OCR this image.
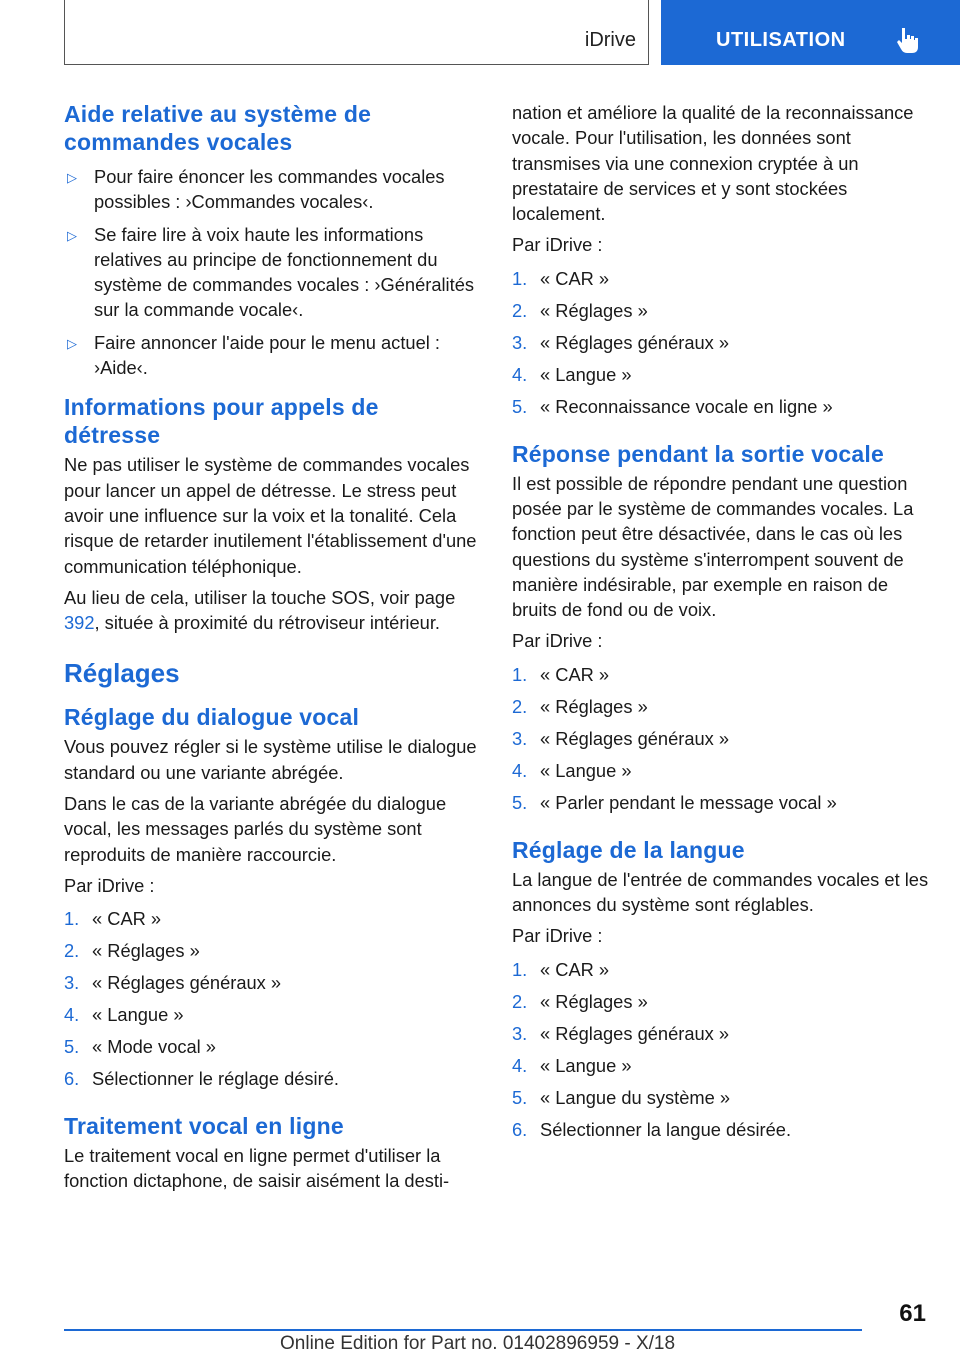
iDrive	UTILISATION
Aide relative au système de commandes vocales
▷ Pour faire énoncer les commandes vocales possibles : ›Commandes vocales‹.
▷ Se faire lire à voix haute les informations relatives au principe de fonctionnement du système de commandes vocales : ›Généralités sur la commande vocale‹.
▷ Faire annoncer l'aide pour le menu actuel : ›Aide‹.
Informations pour appels de détresse

Ne pas utiliser le système de commandes vocales pour lancer un appel de détresse. Le stress peut avoir une influence sur la voix et la tonalité. Cela risque de retarder inutilement l'établissement d'une communication téléphonique.

Au lieu de cela, utiliser la touche SOS, voir page 392, située à proximité du rétroviseur intérieur.

Réglages
Réglage du dialogue vocal

Vous pouvez régler si le système utilise le dialogue standard ou une variante abrégée.

Dans le cas de la variante abrégée du dialogue vocal, les messages parlés du système sont reproduits de manière raccourcie.

Par iDrive :

1. « CAR »
2. « Réglages »
3. « Réglages généraux »
4. « Langue »
5. « Mode vocal »
6. Sélectionner le réglage désiré.
Traitement vocal en ligne

Le traitement vocal en ligne permet d'utiliser la fonction dictaphone, de saisir aisément la desti-

nation et améliore la qualité de la reconnaissance vocale. Pour l'utilisation, les données sont transmises via une connexion cryptée à un prestataire de services et y sont stockées localement.

Par iDrive :

1. « CAR »
2. « Réglages »
3. « Réglages généraux »
4. « Langue »
5. « Reconnaissance vocale en ligne »
Réponse pendant la sortie vocale

Il est possible de répondre pendant une question posée par le système de commandes vocales. La fonction peut être désactivée, dans le cas où les questions du système s'interrompent souvent de manière indésirable, par exemple en raison de bruits de fond ou de voix.

Par iDrive :

1. « CAR »
2. « Réglages »
3. « Réglages généraux »
4. « Langue »
5. « Parler pendant le message vocal »
Réglage de la langue

La langue de l'entrée de commandes vocales et les annonces du système sont réglables.

Par iDrive :

1. « CAR »
2. « Réglages »
3. « Réglages généraux »
4. « Langue »
5. « Langue du système »
6. Sélectionner la langue désirée.
61
Online Edition for Part no. 01402896959 - X/18
